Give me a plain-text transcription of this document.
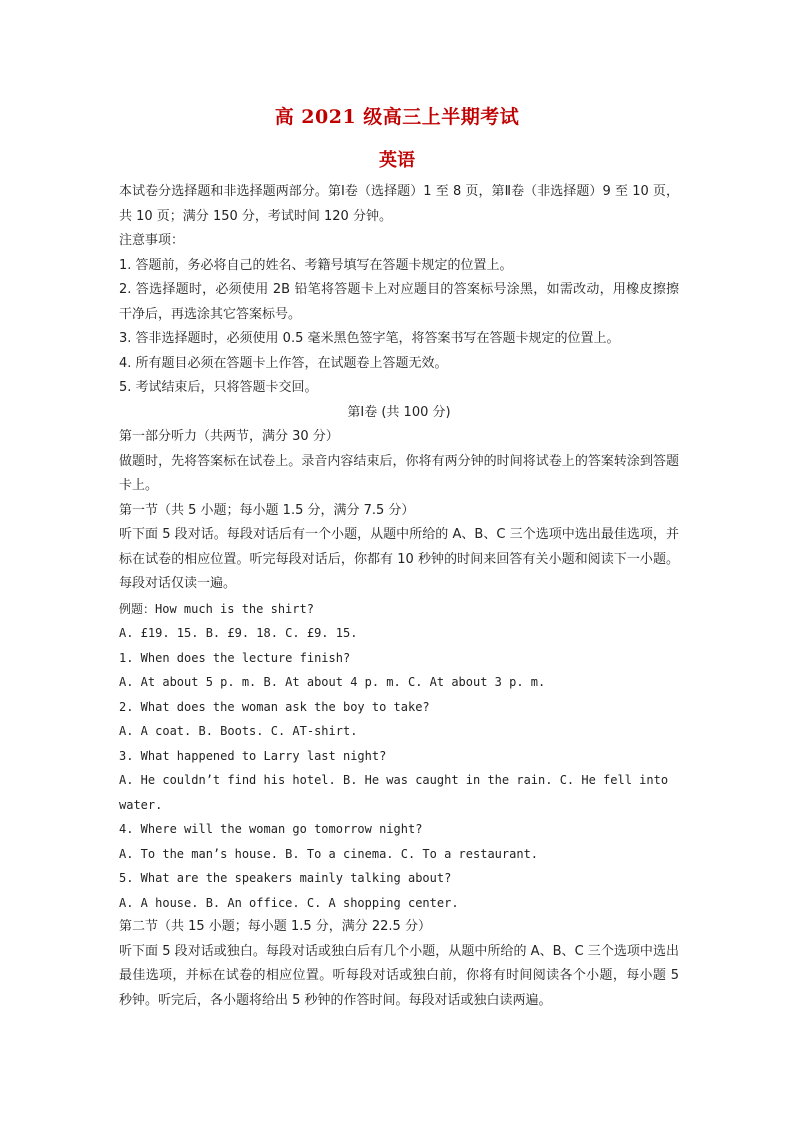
高 2021 级高三上半期考试
英语

本试卷分选择题和非选择题两部分。第Ⅰ卷（选择题）1 至 8 页，第Ⅱ卷（非选择题）9 至 10 页，共 10 页；满分 150 分，考试时间 120 分钟。

注意事项：

1. 答题前，务必将自己的姓名、考籍号填写在答题卡规定的位置上。

2. 答选择题时，必须使用 2B 铅笔将答题卡上对应题目的答案标号涂黑，如需改动，用橡皮擦擦干净后，再选涂其它答案标号。

3. 答非选择题时，必须使用 0.5 毫米黑色签字笔，将答案书写在答题卡规定的位置上。

4. 所有题目必须在答题卡上作答，在试题卷上答题无效。

5. 考试结束后，只将答题卡交回。

第Ⅰ卷 (共 100 分)

第一部分听力（共两节，满分 30 分）

做题时，先将答案标在试卷上。录音内容结束后，你将有两分钟的时间将试卷上的答案转涂到答题卡上。

第一节（共 5 小题；每小题 1.5 分，满分 7.5 分）

听下面 5 段对话。每段对话后有一个小题，从题中所给的 A、B、C 三个选项中选出最佳选项，并标在试卷的相应位置。听完每段对话后，你都有 10 秒钟的时间来回答有关小题和阅读下一小题。每段对话仅读一遍。

例题：How much is the shirt?

A. £19. 15. B. £9. 18. C. £9. 15.

1. When does the lecture finish?

A. At about 5 p. m. B. At about 4 p. m. C. At about 3 p. m.

2. What does the woman ask the boy to take?

A. A coat. B. Boots. C. AT-shirt.

3. What happened to Larry last night?

A. He couldn’t find his hotel. B. He was caught in the rain. C. He fell into water.

4. Where will the woman go tomorrow night?

A. To the man’s house. B. To a cinema. C. To a restaurant.

5. What are the speakers mainly talking about?

A. A house. B. An office. C. A shopping center.

第二节（共 15 小题；每小题 1.5 分，满分 22.5 分）

听下面 5 段对话或独白。每段对话或独白后有几个小题，从题中所给的 A、B、C 三个选项中选出最佳选项，并标在试卷的相应位置。听每段对话或独白前，你将有时间阅读各个小题，每小题 5 秒钟。听完后，各小题将给出 5 秒钟的作答时间。每段对话或独白读两遍。
